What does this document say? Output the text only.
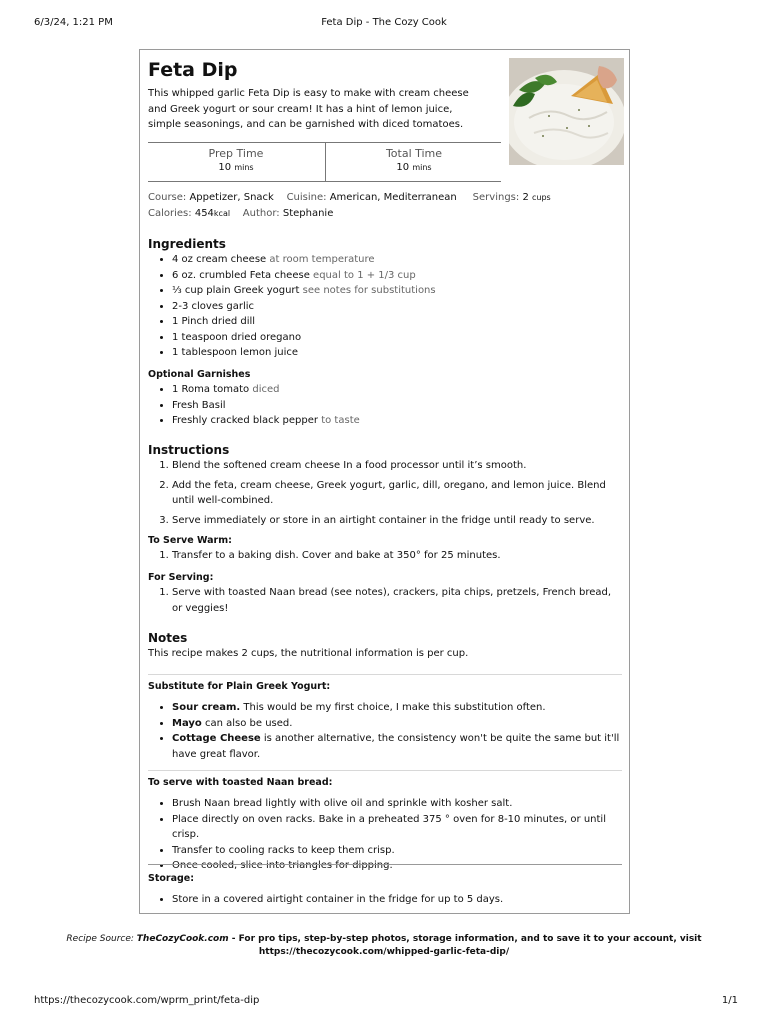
6/3/24, 1:21 PM	Feta Dip - The Cozy Cook
Feta Dip
This whipped garlic Feta Dip is easy to make with cream cheese and Greek yogurt or sour cream! It has a hint of lemon juice, simple seasonings, and can be garnished with diced tomatoes.
Prep Time
10 mins
Total Time
10 mins
Course: Appetizer, Snack Cuisine: American, Mediterranean Servings: 2 cups
Calories: 454kcal Author: Stephanie
Ingredients
• 4 oz cream cheese at room temperature
• 6 oz. crumbled Feta cheese equal to 1 + 1/3 cup
• ⅓ cup plain Greek yogurt see notes for substitutions
• 2-3 cloves garlic
• 1 Pinch dried dill
• 1 teaspoon dried oregano
• 1 tablespoon lemon juice
Optional Garnishes
• 1 Roma tomato diced
• Fresh Basil
• Freshly cracked black pepper to taste
Instructions
1. Blend the softened cream cheese In a food processor until it’s smooth.
2. Add the feta, cream cheese, Greek yogurt, garlic, dill, oregano, and lemon juice. Blend until well-combined.
3. Serve immediately or store in an airtight container in the fridge until ready to serve.
To Serve Warm:
1. Transfer to a baking dish. Cover and bake at 350° for 25 minutes.
For Serving:
1. Serve with toasted Naan bread (see notes), crackers, pita chips, pretzels, French bread, or veggies!
Notes
This recipe makes 2 cups, the nutritional information is per cup.
Substitute for Plain Greek Yogurt:
• Sour cream. This would be my first choice, I make this substitution often.
• Mayo can also be used.
• Cottage Cheese is another alternative, the consistency won't be quite the same but it'll have great flavor.
To serve with toasted Naan bread:
• Brush Naan bread lightly with olive oil and sprinkle with kosher salt.
• Place directly on oven racks. Bake in a preheated 375 ° oven for 8-10 minutes, or until crisp.
• Transfer to cooling racks to keep them crisp.
• Once cooled, slice into triangles for dipping.
Storage:
• Store in a covered airtight container in the fridge for up to 5 days.
Recipe Source: TheCozyCook.com - For pro tips, step-by-step photos, storage information, and to save it to your account, visit
https://thecozycook.com/whipped-garlic-feta-dip/
https://thecozycook.com/wprm_print/feta-dip	1/1
